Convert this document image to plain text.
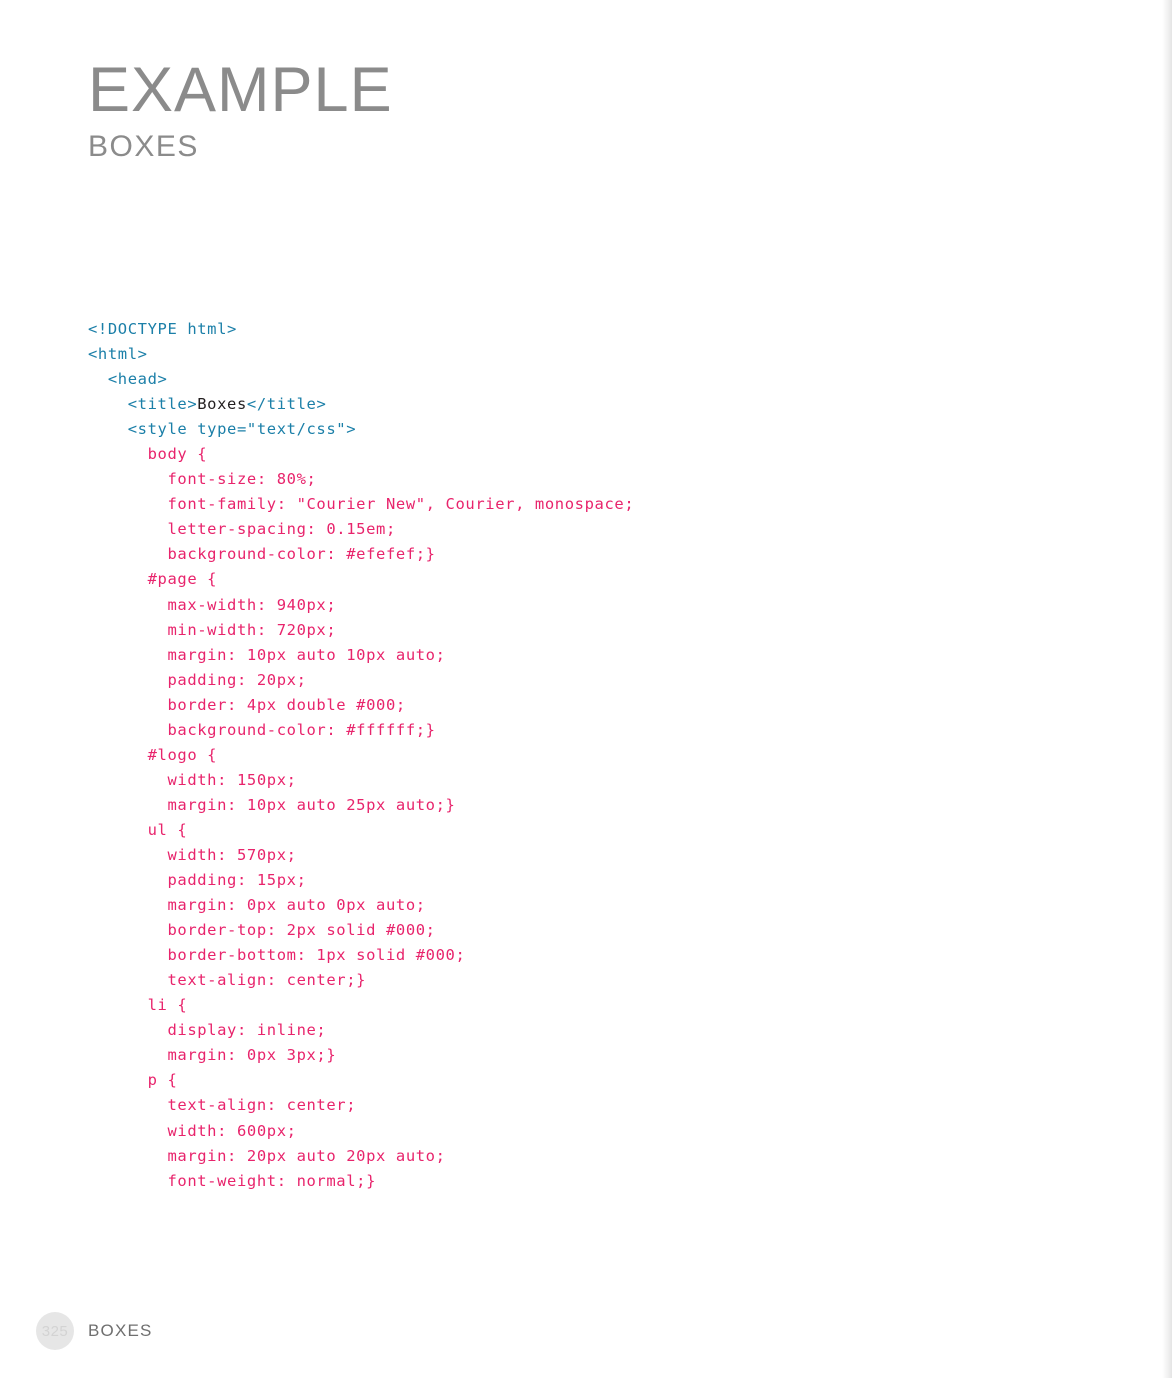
EXAMPLE
BOXES
<!DOCTYPE html>
<html>
<head>
<title>Boxes</title>
<style type="text/css">
body {
font-size: 80%;
font-family: "Courier New", Courier, monospace;
letter-spacing: 0.15em;
background-color: #efefef;}
#page {
max-width: 940px;
min-width: 720px;
margin: 10px auto 10px auto;
padding: 20px;
border: 4px double #000;
background-color: #ffffff;}
#logo {
width: 150px;
margin: 10px auto 25px auto;}
ul {
width: 570px;
padding: 15px;
margin: 0px auto 0px auto;
border-top: 2px solid #000;
border-bottom: 1px solid #000;
text-align: center;}
li {
display: inline;
margin: 0px 3px;}
p {
text-align: center;
width: 600px;
margin: 20px auto 20px auto;
font-weight: normal;}
325	BOXES
